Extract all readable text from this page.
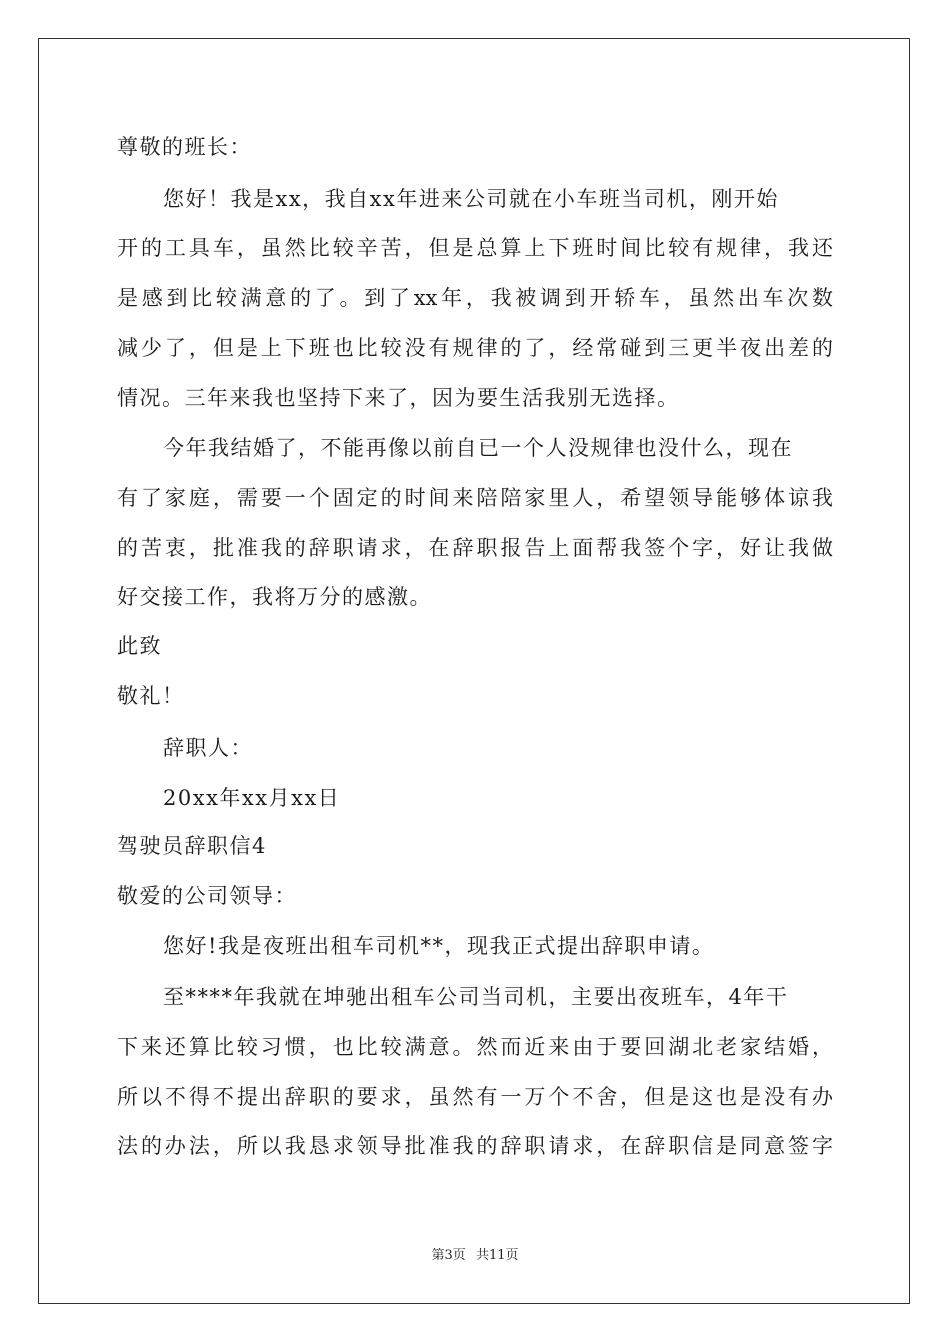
尊敬的班长：
您好！我是xx，我自xx年进来公司就在小车班当司机，刚开始
开的工具车，虽然比较辛苦，但是总算上下班时间比较有规律，我还
是感到比较满意的了。到了xx年，我被调到开轿车，虽然出车次数
减少了，但是上下班也比较没有规律的了，经常碰到三更半夜出差的
情况。三年来我也坚持下来了，因为要生活我别无选择。
今年我结婚了，不能再像以前自已一个人没规律也没什么，现在
有了家庭，需要一个固定的时间来陪陪家里人，希望领导能够体谅我
的苦衷，批准我的辞职请求，在辞职报告上面帮我签个字，好让我做
好交接工作，我将万分的感激。
此致
敬礼！
辞职人：
20xx年xx月xx日
驾驶员辞职信4
敬爱的公司领导：
您好!我是夜班出租车司机**，现我正式提出辞职申请。
至****年我就在坤驰出租车公司当司机，主要出夜班车，4年干
下来还算比较习惯，也比较满意。然而近来由于要回湖北老家结婚，
所以不得不提出辞职的要求，虽然有一万个不舍，但是这也是没有办
法的办法，所以我恳求领导批准我的辞职请求，在辞职信是同意签字
第3页 共11页
